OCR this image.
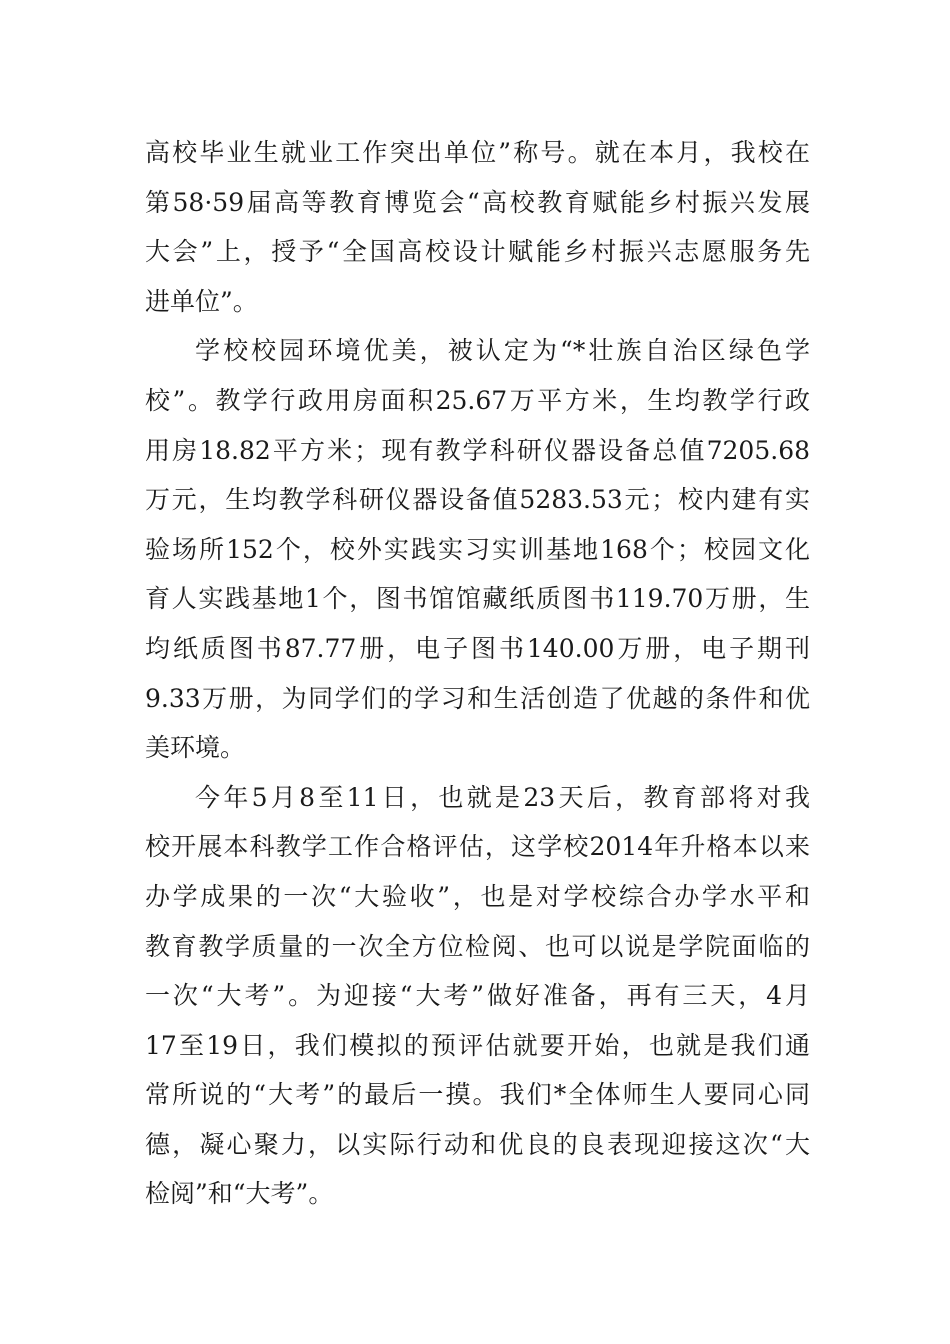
高校毕业生就业工作突出单位”称号。就在本月，我校在
第58·59届高等教育博览会“高校教育赋能乡村振兴发展
大会”上，授予“全国高校设计赋能乡村振兴志愿服务先
进单位”。
学校校园环境优美，被认定为“*壮族自治区绿色学
校”。教学行政用房面积25.67万平方米，生均教学行政
用房18.82平方米；现有教学科研仪器设备总值7205.68
万元，生均教学科研仪器设备值5283.53元；校内建有实
验场所152个，校外实践实习实训基地168个；校园文化
育人实践基地1个，图书馆馆藏纸质图书119.70万册，生
均纸质图书87.77册，电子图书140.00万册，电子期刊
9.33万册，为同学们的学习和生活创造了优越的条件和优
美环境。
今年5月8至11日，也就是23天后，教育部将对我
校开展本科教学工作合格评估，这学校2014年升格本以来
办学成果的一次“大验收”，也是对学校综合办学水平和
教育教学质量的一次全方位检阅、也可以说是学院面临的
一次“大考”。为迎接“大考”做好准备，再有三天，4月
17至19日，我们模拟的预评估就要开始，也就是我们通
常所说的“大考”的最后一摸。我们*全体师生人要同心同
德，凝心聚力，以实际行动和优良的良表现迎接这次“大
检阅”和“大考”。
